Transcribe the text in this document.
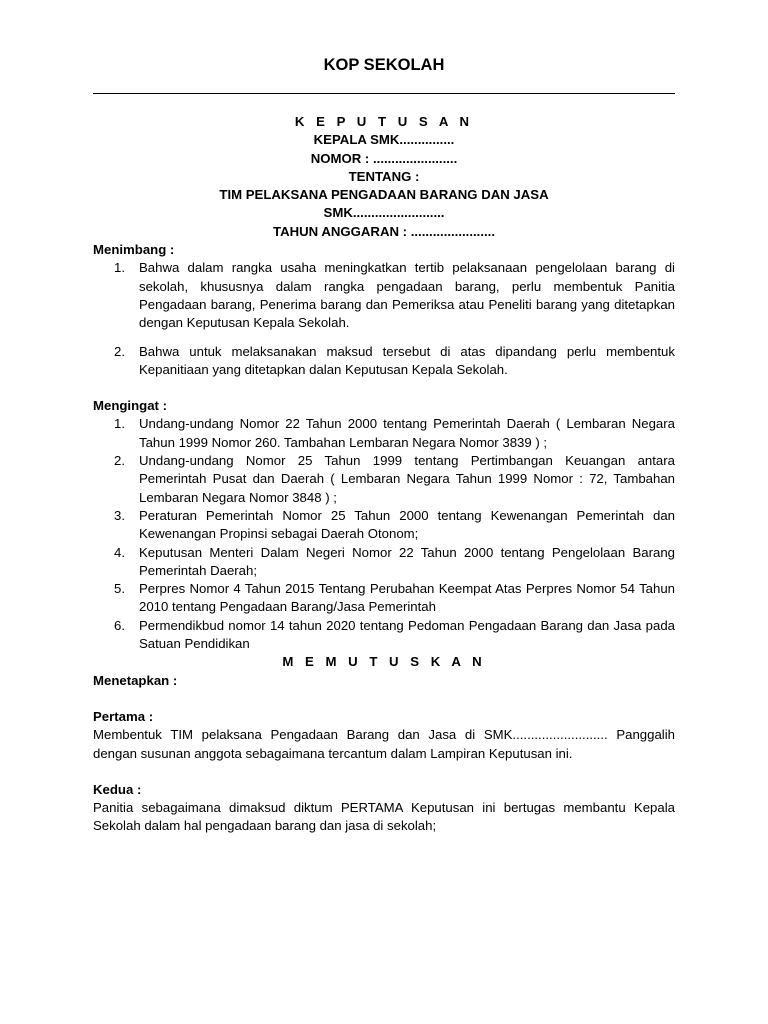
KOP SEKOLAH
K E P U T U S A N
KEPALA SMK...............
NOMOR : .......................
TENTANG :
TIM PELAKSANA PENGADAAN BARANG DAN JASA
SMK.........................
TAHUN ANGGARAN : .......................
Menimbang :
1. Bahwa dalam rangka usaha meningkatkan tertib pelaksanaan pengelolaan barang di sekolah, khususnya dalam rangka pengadaan barang, perlu membentuk Panitia Pengadaan barang, Penerima barang dan Pemeriksa atau Peneliti barang yang ditetapkan dengan Keputusan Kepala Sekolah.
2. Bahwa untuk melaksanakan maksud tersebut di atas dipandang perlu membentuk Kepanitiaan yang ditetapkan dalan Keputusan Kepala Sekolah.
Mengingat :
1. Undang-undang Nomor 22 Tahun 2000 tentang Pemerintah Daerah ( Lembaran Negara Tahun 1999 Nomor 260. Tambahan Lembaran Negara Nomor 3839 ) ;
2. Undang-undang Nomor 25 Tahun 1999 tentang Pertimbangan Keuangan antara Pemerintah Pusat dan Daerah ( Lembaran Negara Tahun 1999 Nomor : 72, Tambahan Lembaran Negara Nomor 3848 ) ;
3. Peraturan Pemerintah Nomor 25 Tahun 2000 tentang Kewenangan Pemerintah dan Kewenangan Propinsi sebagai Daerah Otonom;
4. Keputusan Menteri Dalam Negeri Nomor 22 Tahun 2000 tentang Pengelolaan Barang Pemerintah Daerah;
5. Perpres Nomor 4 Tahun 2015 Tentang Perubahan Keempat Atas Perpres Nomor 54 Tahun 2010 tentang Pengadaan Barang/Jasa Pemerintah
6. Permendikbud nomor 14 tahun 2020 tentang Pedoman Pengadaan Barang dan Jasa pada Satuan Pendidikan
M E M U T U S K A N
Menetapkan :
Pertama :
Membentuk TIM pelaksana Pengadaan Barang dan Jasa di SMK.......................... Panggalih dengan susunan anggota sebagaimana tercantum dalam Lampiran Keputusan ini.
Kedua :
Panitia sebagaimana dimaksud diktum PERTAMA Keputusan ini bertugas membantu Kepala Sekolah dalam hal pengadaan barang dan jasa di sekolah;
